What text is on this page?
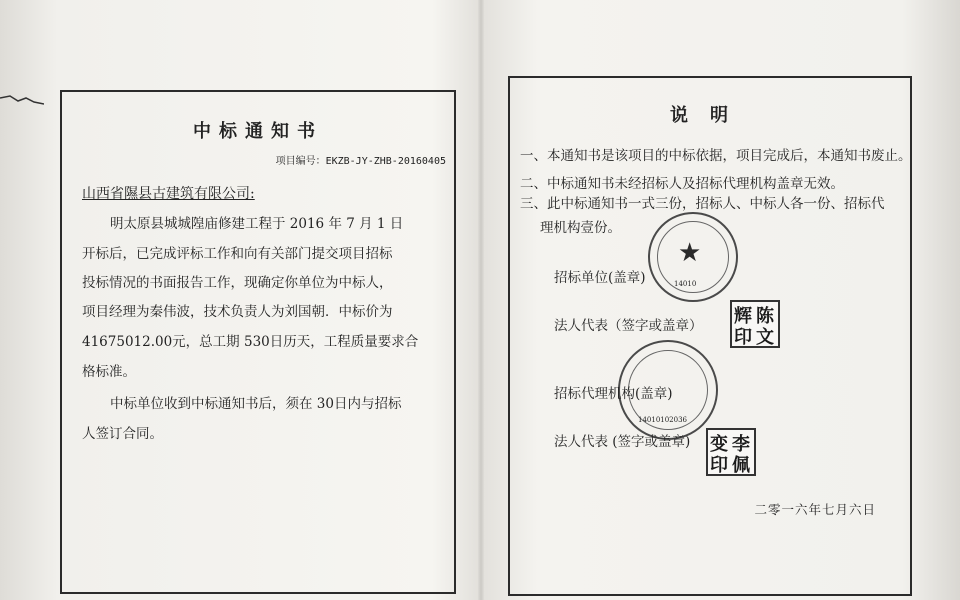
中标通知书
项目编号：EKZB-JY-ZHB-20160405
山西省隰县古建筑有限公司:
明太原县城城隍庙修建工程于 2016 年 7 月 1 日
开标后，已完成评标工作和向有关部门提交项目招标
投标情况的书面报告工作，现确定你单位为中标人，
项目经理为秦伟波，技术负责人为刘国朝．中标价为
41675012.00元，总工期 530日历天，工程质量要求合
格标准。
中标单位收到中标通知书后，须在 30日内与招标
人签订合同。
说明
一、本通知书是该项目的中标依据，项目完成后，本通知书废止。
二、中标通知书未经招标人及招标代理机构盖章无效。
三、此中标通知书一式三份，招标人、中标人各一份、招标代
理机构壹份。
★
14010
招标单位(盖章)
法人代表（签字或盖章） 辉 陈
印 文
14010102036
招标代理机构(盖章)
法人代表 (签字或盖章) 变 李
印 佩
二零一六年七月六日
